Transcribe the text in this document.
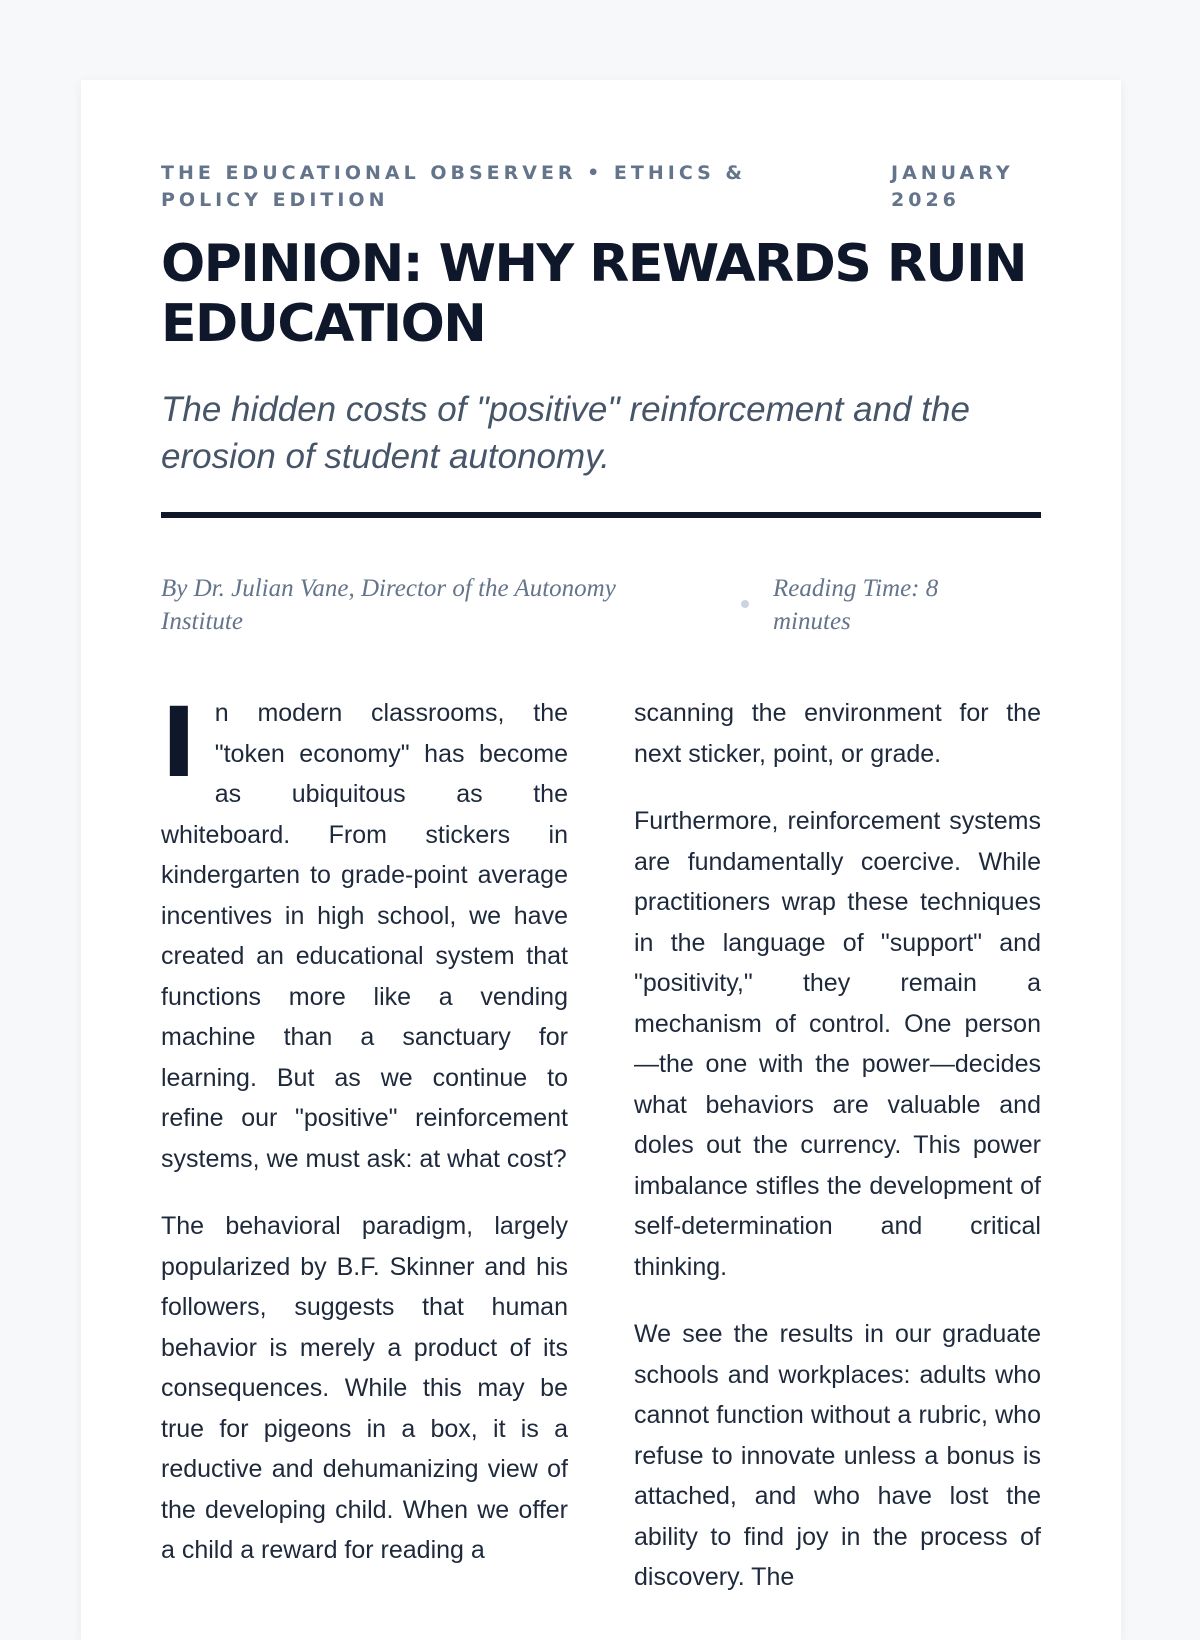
THE EDUCATIONAL OBSERVER • ETHICS & POLICY EDITION
JANUARY 2026
OPINION: WHY REWARDS RUIN EDUCATION
The hidden costs of "positive" reinforcement and the erosion of student autonomy.
By Dr. Julian Vane, Director of the Autonomy Institute
Reading Time: 8 minutes

In modern classrooms, the "token economy" has become as ubiquitous as the whiteboard. From stickers in kindergarten to grade-point average incentives in high school, we have created an educational system that functions more like a vending machine than a sanctuary for learning. But as we continue to refine our "positive" reinforcement systems, we must ask: at what cost?

The behavioral paradigm, largely popularized by B.F. Skinner and his followers, suggests that human behavior is merely a product of its consequences. While this may be true for pigeons in a box, it is a reductive and dehumanizing view of the developing child. When we offer a child a reward for reading a

scanning the environment for the next sticker, point, or grade.

Furthermore, reinforcement systems are fundamentally coercive. While practitioners wrap these techniques in the language of "support" and "positivity," they remain a mechanism of control. One person—the one with the power—decides what behaviors are valuable and doles out the currency. This power imbalance stifles the development of self-determination and critical thinking.

We see the results in our graduate schools and workplaces: adults who cannot function without a rubric, who refuse to innovate unless a bonus is attached, and who have lost the ability to find joy in the process of discovery. The
